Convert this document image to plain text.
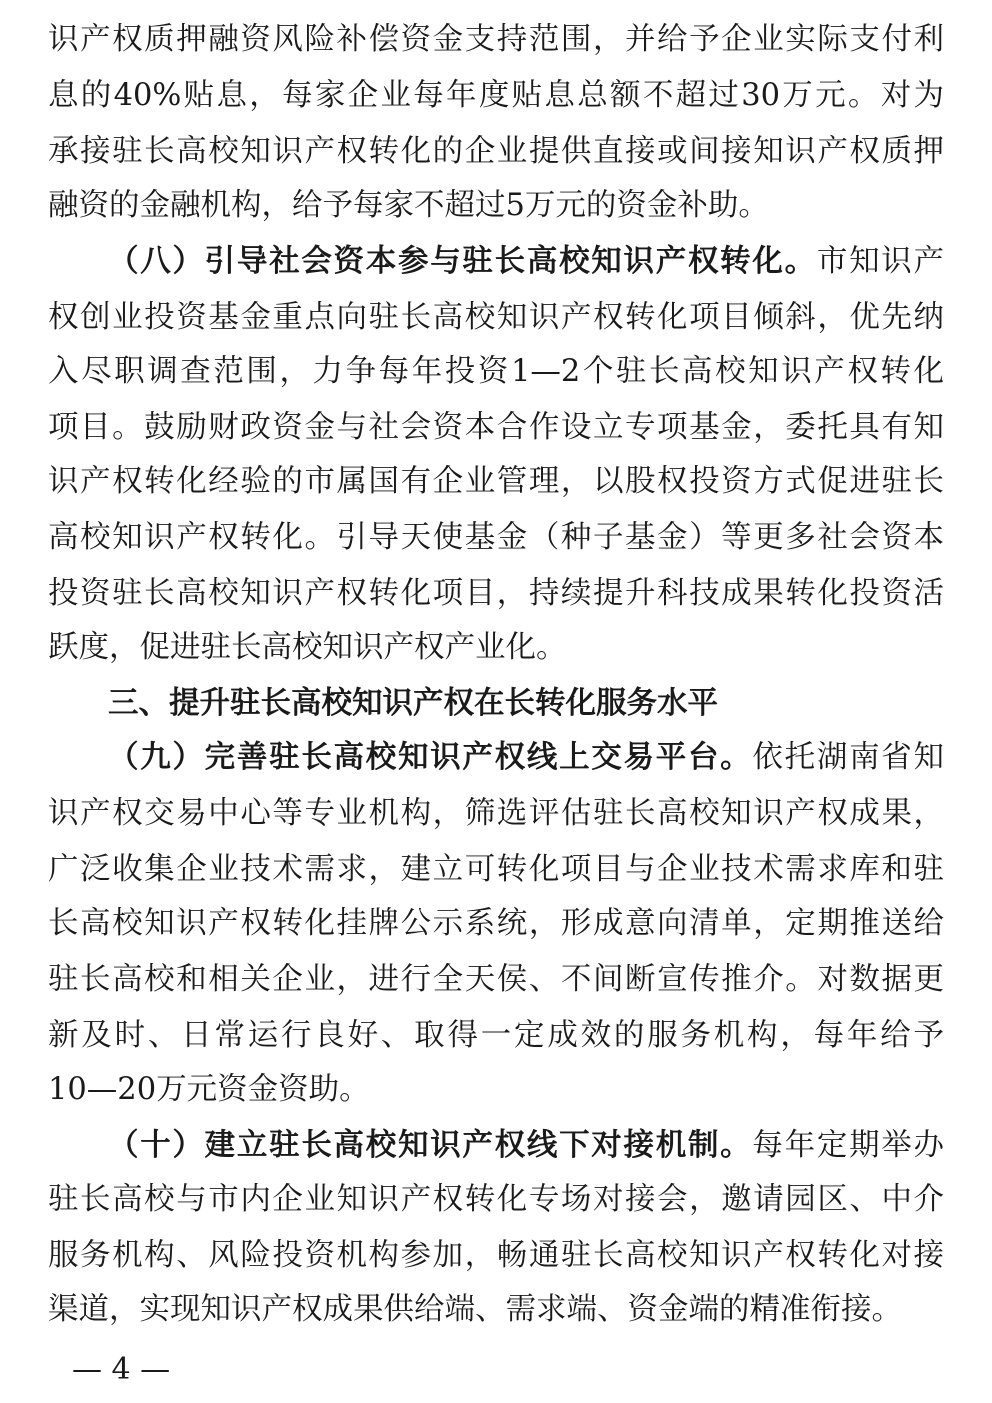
识产权质押融资风险补偿资金支持范围，并给予企业实际支付利
息的40%贴息，每家企业每年度贴息总额不超过30万元。对为
承接驻长高校知识产权转化的企业提供直接或间接知识产权质押
融资的金融机构，给予每家不超过5万元的资金补助。
（八）引导社会资本参与驻长高校知识产权转化。市知识产
权创业投资基金重点向驻长高校知识产权转化项目倾斜，优先纳
入尽职调查范围，力争每年投资1—2个驻长高校知识产权转化
项目。鼓励财政资金与社会资本合作设立专项基金，委托具有知
识产权转化经验的市属国有企业管理，以股权投资方式促进驻长
高校知识产权转化。引导天使基金（种子基金）等更多社会资本
投资驻长高校知识产权转化项目，持续提升科技成果转化投资活
跃度，促进驻长高校知识产权产业化。
三、提升驻长高校知识产权在长转化服务水平
（九）完善驻长高校知识产权线上交易平台。依托湖南省知
识产权交易中心等专业机构，筛选评估驻长高校知识产权成果，
广泛收集企业技术需求，建立可转化项目与企业技术需求库和驻
长高校知识产权转化挂牌公示系统，形成意向清单，定期推送给
驻长高校和相关企业，进行全天侯、不间断宣传推介。对数据更
新及时、日常运行良好、取得一定成效的服务机构，每年给予
10—20万元资金资助。
（十）建立驻长高校知识产权线下对接机制。每年定期举办
驻长高校与市内企业知识产权转化专场对接会，邀请园区、中介
服务机构、风险投资机构参加，畅通驻长高校知识产权转化对接
渠道，实现知识产权成果供给端、需求端、资金端的精准衔接。
— 4 —
